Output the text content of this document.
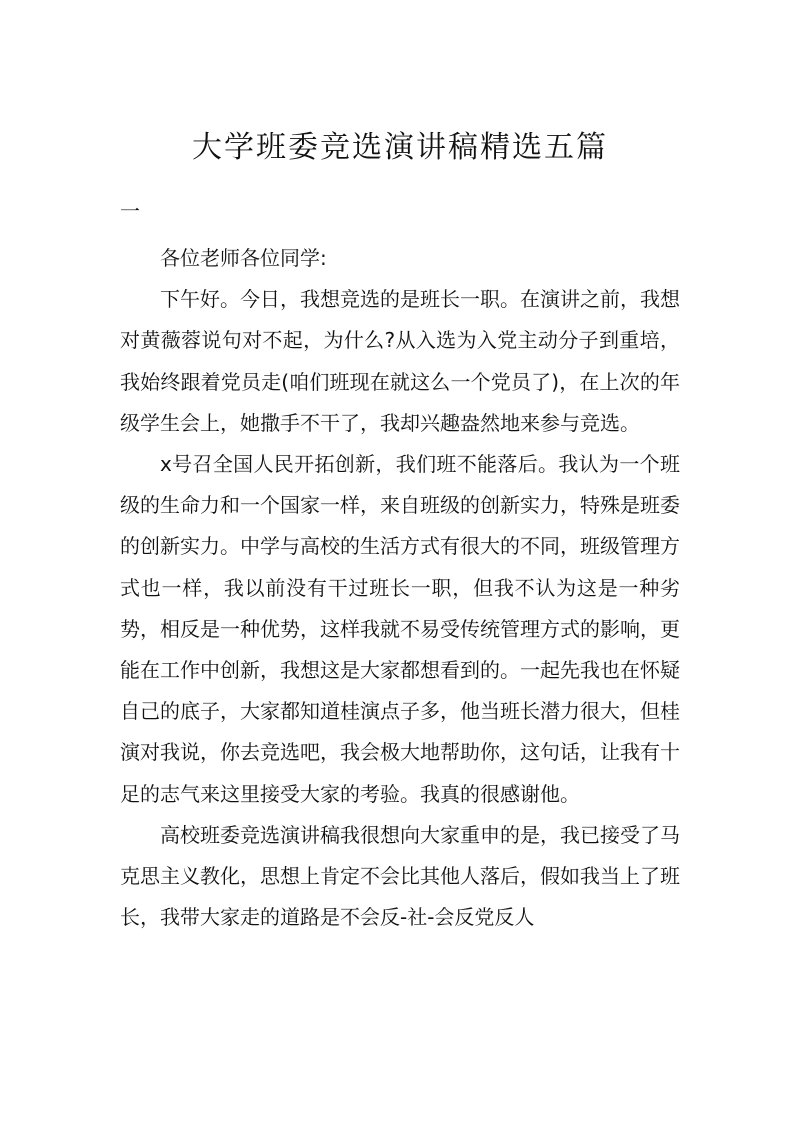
大学班委竞选演讲稿精选五篇
一

各位老师各位同学:

下午好。今日，我想竞选的是班长一职。在演讲之前，我想对黄薇蓉说句对不起，为什么?从入选为入党主动分子到重培，我始终跟着党员走(咱们班现在就这么一个党员了)，在上次的年级学生会上，她撒手不干了，我却兴趣盎然地来参与竞选。

x号召全国人民开拓创新，我们班不能落后。我认为一个班级的生命力和一个国家一样，来自班级的创新实力，特殊是班委的创新实力。中学与高校的生活方式有很大的不同，班级管理方式也一样，我以前没有干过班长一职，但我不认为这是一种劣势，相反是一种优势，这样我就不易受传统管理方式的影响，更能在工作中创新，我想这是大家都想看到的。一起先我也在怀疑自己的底子，大家都知道桂演点子多，他当班长潜力很大，但桂演对我说，你去竞选吧，我会极大地帮助你，这句话，让我有十足的志气来这里接受大家的考验。我真的很感谢他。

高校班委竞选演讲稿我很想向大家重申的是，我已接受了马克思主义教化，思想上肯定不会比其他人落后，假如我当上了班长，我带大家走的道路是不会反-社-会反党反人
